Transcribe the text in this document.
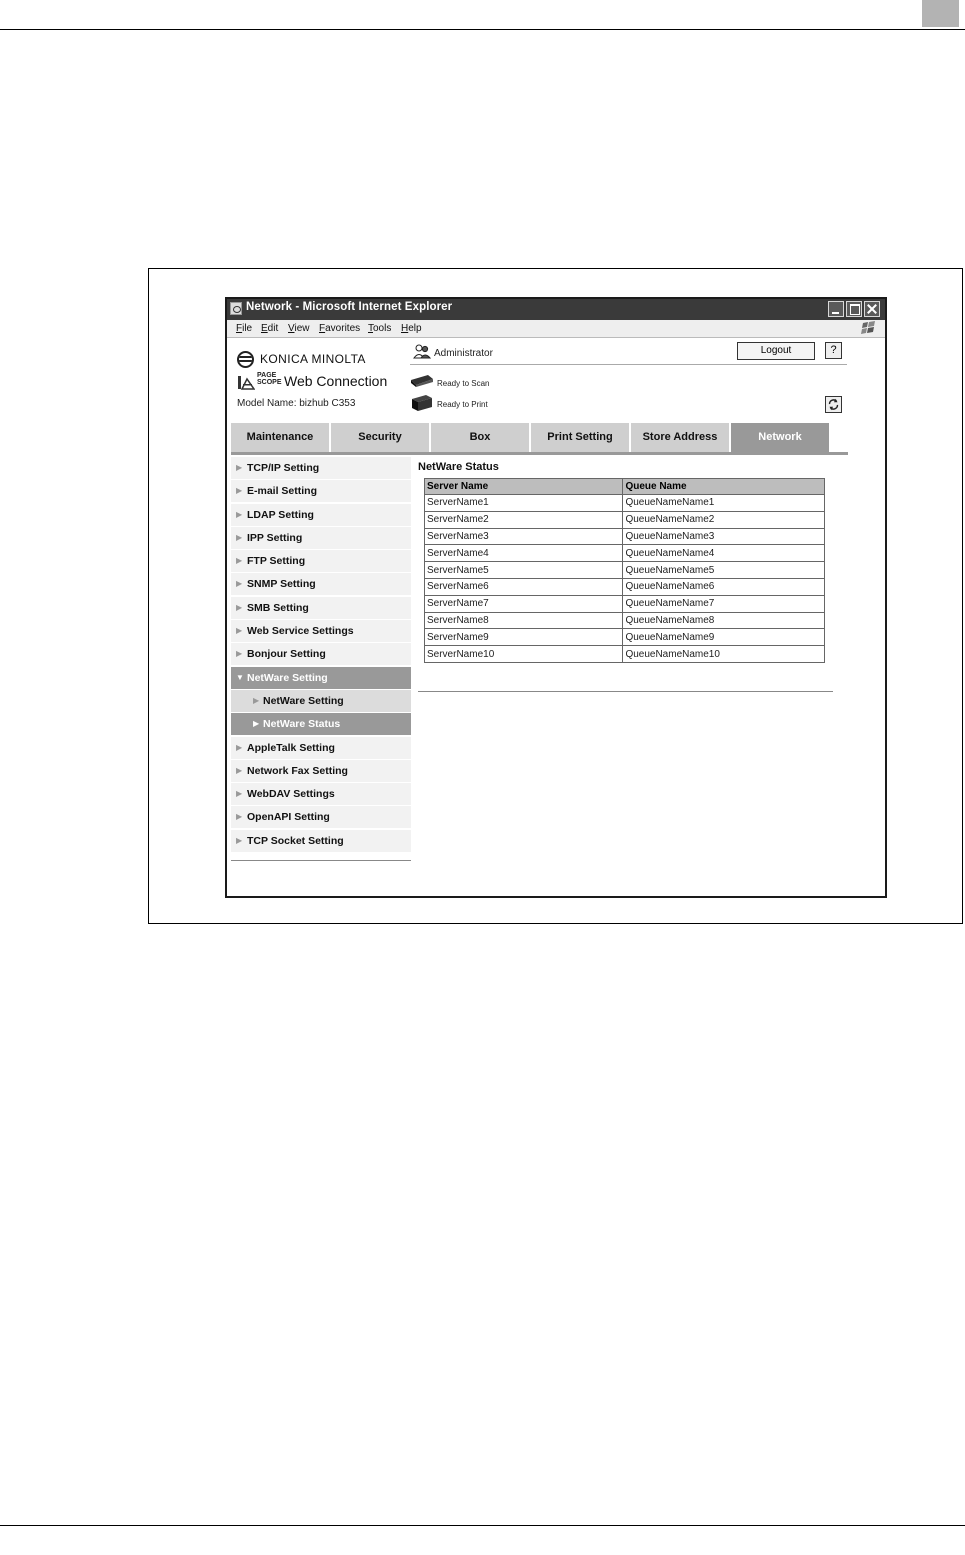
Network - Microsoft Internet Explorer
File Edit View Favorites Tools Help
KONICA MINOLTA
PAGE
SCOPE Web Connection
Model Name: bizhub C353
Administrator	Logout	?
Ready to Scan
Ready to Print
Maintenance	Security	Box	Print Setting	Store Address	Network
▶ TCP/IP Setting
▶ E-mail Setting
▶ LDAP Setting
▶ IPP Setting
▶ FTP Setting
▶ SNMP Setting
▶ SMB Setting
▶ Web Service Settings
▶ Bonjour Setting
▼ NetWare Setting
▶ NetWare Setting
▶ NetWare Status
▶ AppleTalk Setting
▶ Network Fax Setting
▶ WebDAV Settings
▶ OpenAPI Setting
▶ TCP Socket Setting
NetWare Status
Server Name	Queue Name
ServerName1	QueueNameName1
ServerName2	QueueNameName2
ServerName3	QueueNameName3
ServerName4	QueueNameName4
ServerName5	QueueNameName5
ServerName6	QueueNameName6
ServerName7	QueueNameName7
ServerName8	QueueNameName8
ServerName9	QueueNameName9
ServerName10	QueueNameName10
